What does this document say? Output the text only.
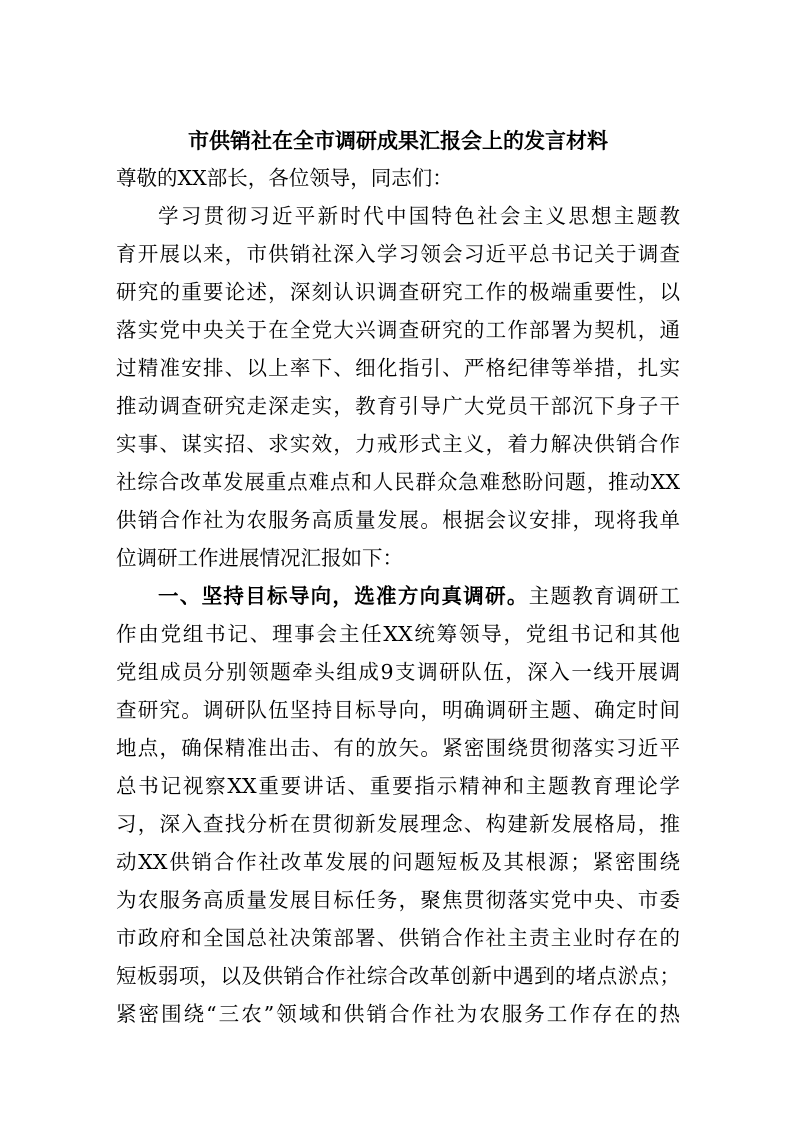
市供销社在全市调研成果汇报会上的发言材料
尊敬的XX部长，各位领导，同志们：
学习贯彻习近平新时代中国特色社会主义思想主题教
育开展以来，市供销社深入学习领会习近平总书记关于调查
研究的重要论述，深刻认识调查研究工作的极端重要性，以
落实党中央关于在全党大兴调查研究的工作部署为契机，通
过精准安排、以上率下、细化指引、严格纪律等举措，扎实
推动调查研究走深走实，教育引导广大党员干部沉下身子干
实事、谋实招、求实效，力戒形式主义，着力解决供销合作
社综合改革发展重点难点和人民群众急难愁盼问题，推动XX
供销合作社为农服务高质量发展。根据会议安排，现将我单
位调研工作进展情况汇报如下：
一、坚持目标导向，选准方向真调研。主题教育调研工
作由党组书记、理事会主任XX统筹领导，党组书记和其他
党组成员分别领题牵头组成9支调研队伍，深入一线开展调
查研究。调研队伍坚持目标导向，明确调研主题、确定时间
地点，确保精准出击、有的放矢。紧密围绕贯彻落实习近平
总书记视察XX重要讲话、重要指示精神和主题教育理论学
习，深入查找分析在贯彻新发展理念、构建新发展格局，推
动XX供销合作社改革发展的问题短板及其根源；紧密围绕
为农服务高质量发展目标任务，聚焦贯彻落实党中央、市委
市政府和全国总社决策部署、供销合作社主责主业时存在的
短板弱项，以及供销合作社综合改革创新中遇到的堵点淤点；
紧密围绕“三农”领域和供销合作社为农服务工作存在的热
